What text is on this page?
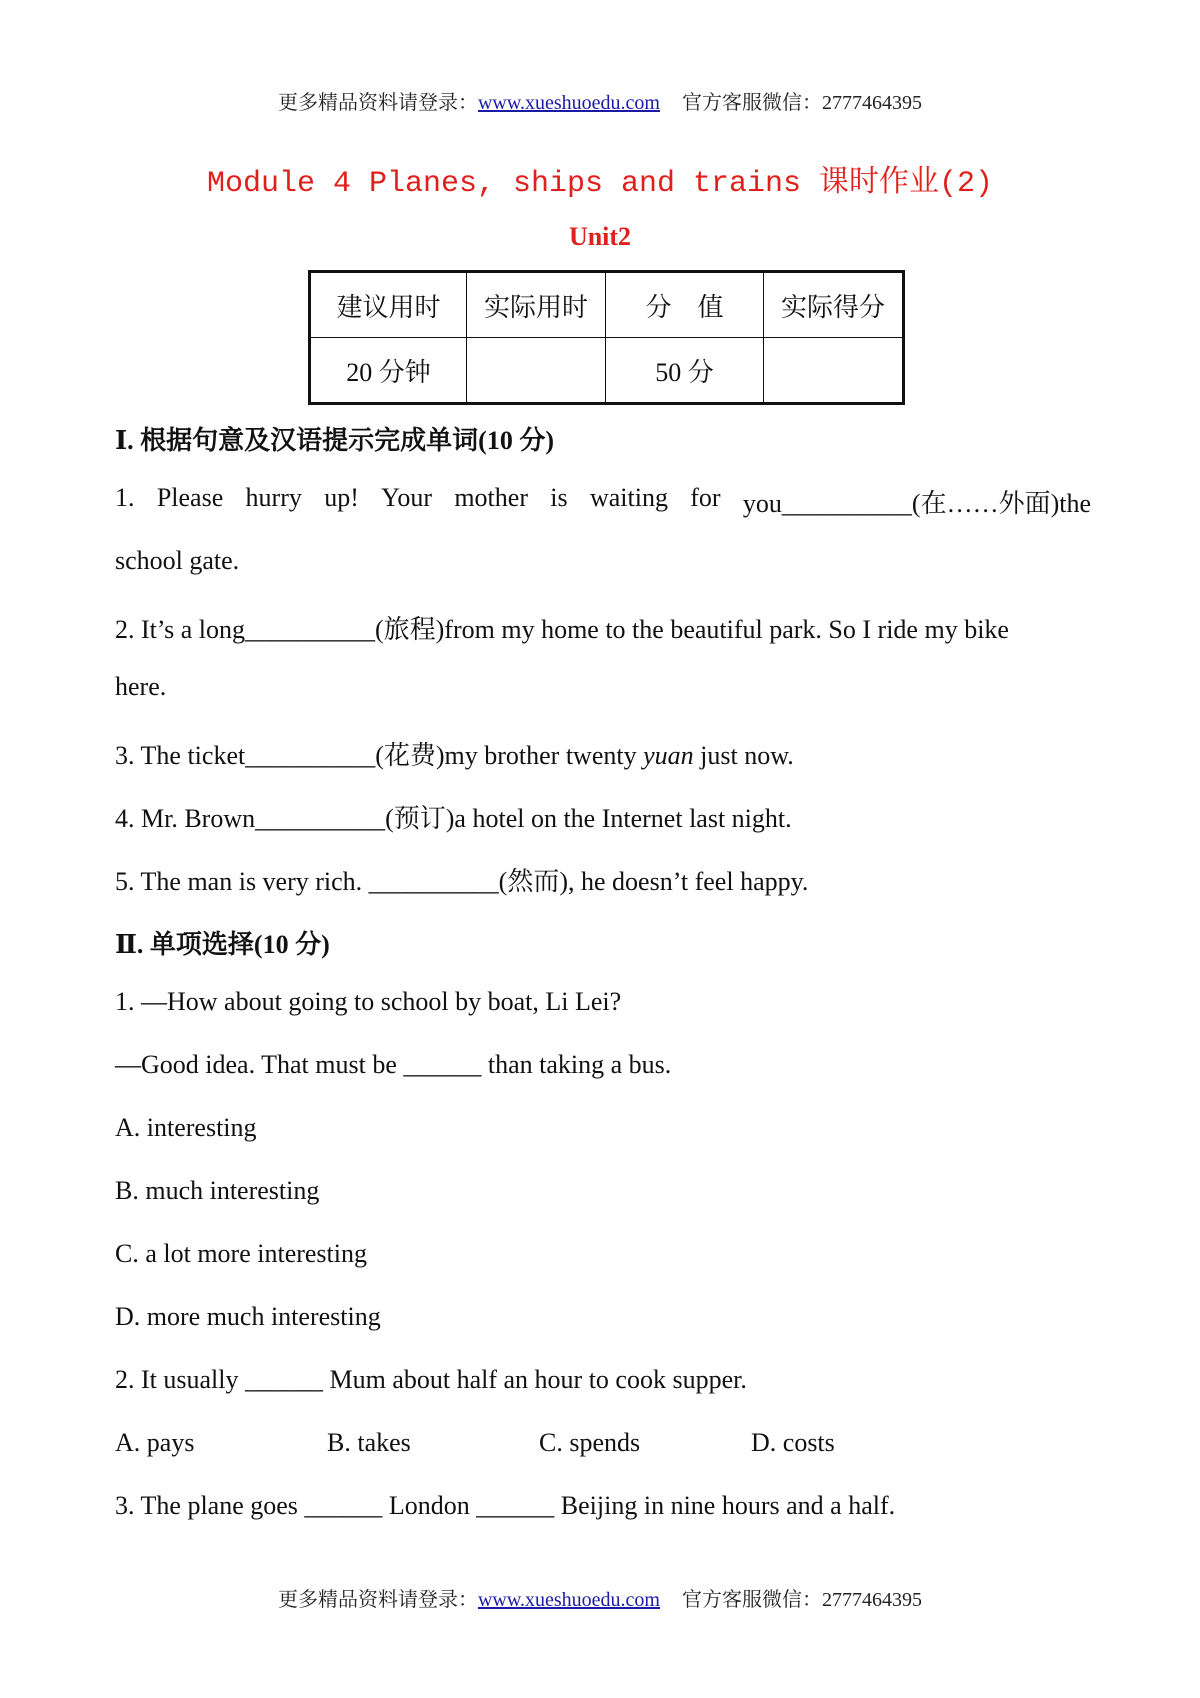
更多精品资料请登录：www.xueshuoedu.com 官方客服微信：2777464395
Module 4 Planes, ships and trains 课时作业(2)
Unit2
建议用时	实际用时	分　值	实际得分
20 分钟		50 分	
Ⅰ. 根据句意及汉语提示完成单词(10 分)
1. Please hurry up! Your mother is waiting for you__________(在……外面)the
school gate.
2. It’s a long__________(旅程)from my home to the beautiful park. So I ride my bike
here.
3. The ticket__________(花费)my brother twenty yuan just now.
4. Mr. Brown__________(预订)a hotel on the Internet last night.
5. The man is very rich. __________(然而), he doesn’t feel happy.
Ⅱ. 单项选择(10 分)
1. —How about going to school by boat, Li Lei?
—Good idea. That must be ______ than taking a bus.
A. interesting
B. much interesting
C. a lot more interesting
D. more much interesting
2. It usually ______ Mum about half an hour to cook supper.
A. pays	B. takes	C. spends	D. costs
3. The plane goes ______ London ______ Beijing in nine hours and a half.
更多精品资料请登录：www.xueshuoedu.com 官方客服微信：2777464395
